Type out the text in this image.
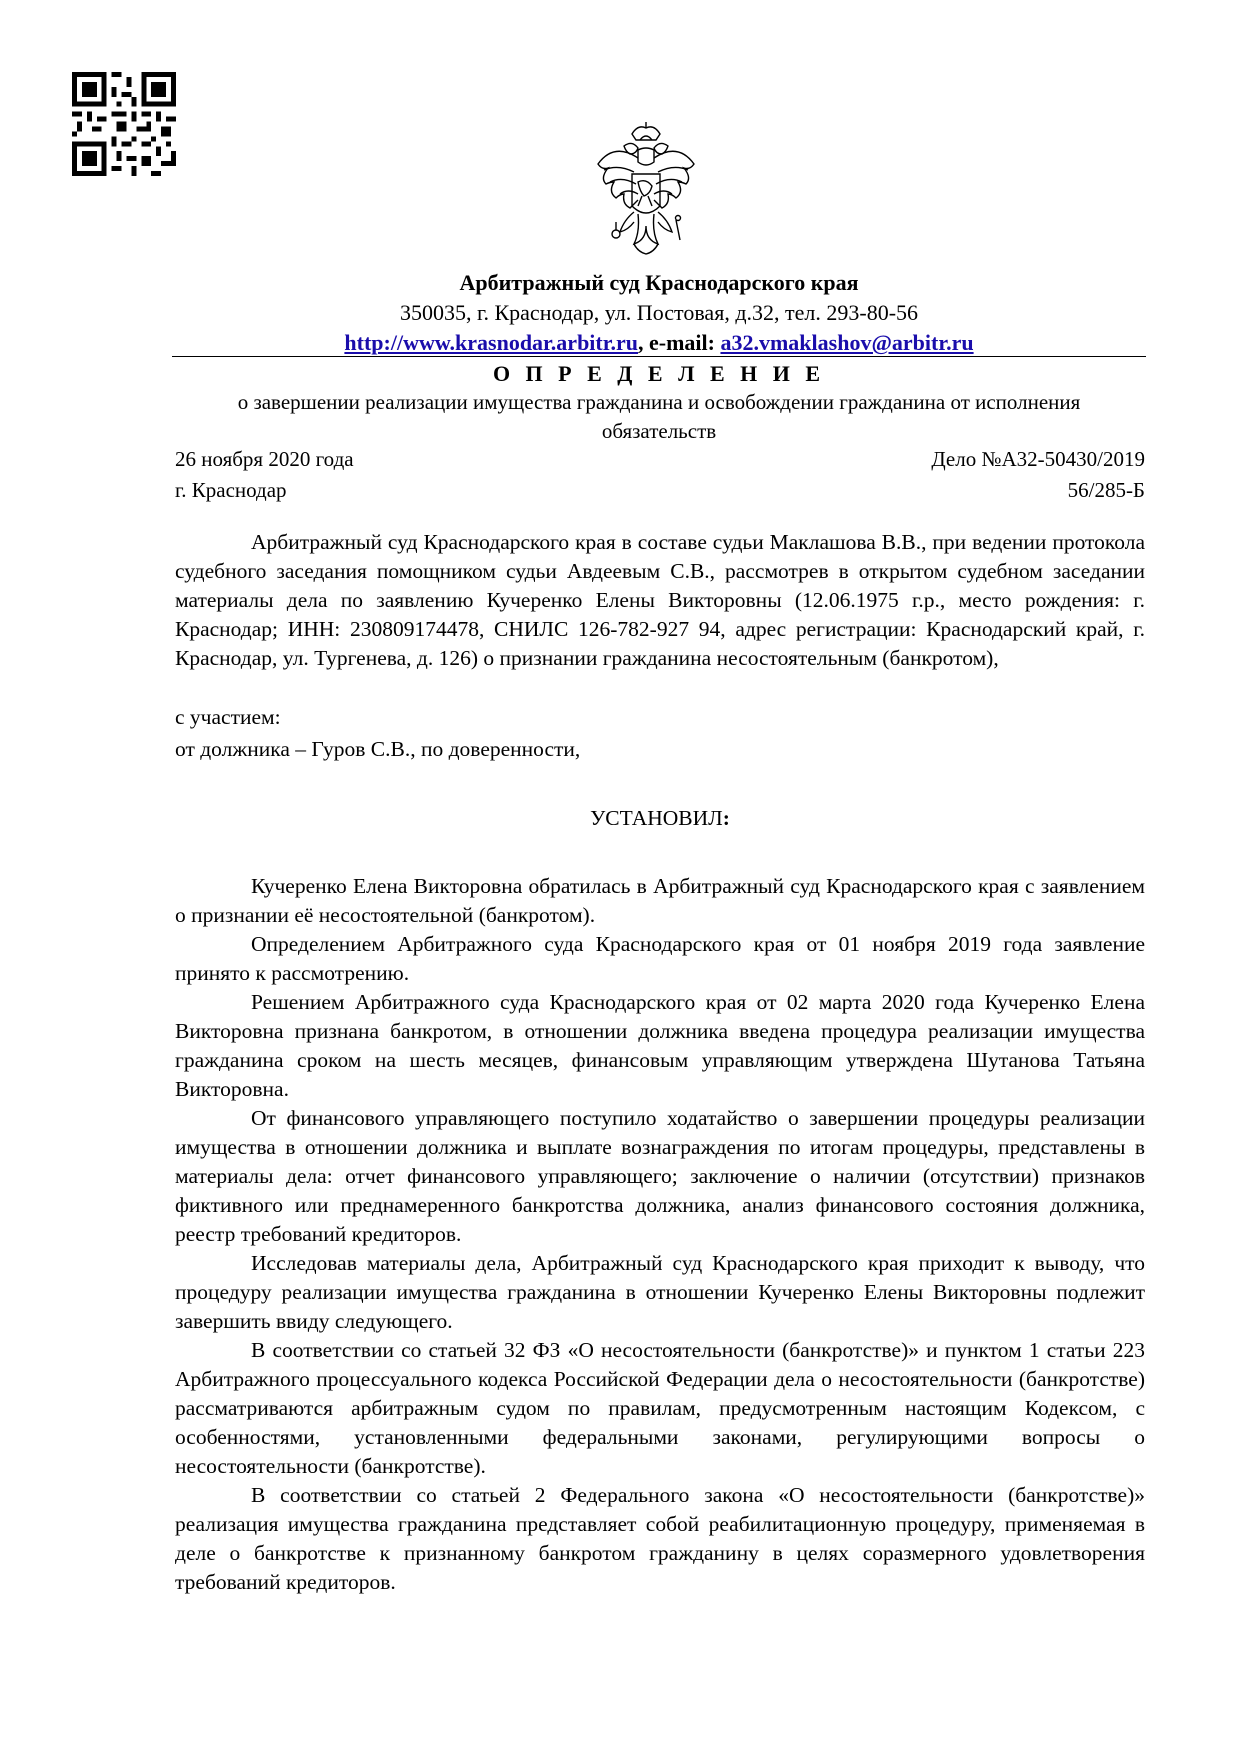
Арбитражный суд Краснодарского края
350035, г. Краснодар, ул. Постовая, д.32, тел. 293-80-56
http://www.krasnodar.arbitr.ru, e-mail: a32.vmaklashov@arbitr.ru
О П Р Е Д Е Л Е Н И Е
о завершении реализации имущества гражданина и освобождении гражданина от исполнения обязательств
26 ноября 2020 года	Дело №А32-50430/2019
г. Краснодар	56/285-Б

Арбитражный суд Краснодарского края в составе судьи Маклашова В.В., при ведении протокола судебного заседания помощником судьи Авдеевым С.В., рассмотрев в открытом судебном заседании материалы дела по заявлению Кучеренко Елены Викторовны (12.06.1975 г.р., место рождения: г. Краснодар; ИНН: 230809174478, СНИЛС 126-782-927 94, адрес регистрации: Краснодарский край, г. Краснодар, ул. Тургенева, д. 126) о признании гражданина несостоятельным (банкротом),

с участием:

от должника – Гуров С.В., по доверенности,

УСТАНОВИЛ:

Кучеренко Елена Викторовна обратилась в Арбитражный суд Краснодарского края с заявлением о признании её несостоятельной (банкротом).

Определением Арбитражного суда Краснодарского края от 01 ноября 2019 года заявление принято к рассмотрению.

Решением Арбитражного суда Краснодарского края от 02 марта 2020 года Кучеренко Елена Викторовна признана банкротом, в отношении должника введена процедура реализации имущества гражданина сроком на шесть месяцев, финансовым управляющим утверждена Шутанова Татьяна Викторовна.

От финансового управляющего поступило ходатайство о завершении процедуры реализации имущества в отношении должника и выплате вознаграждения по итогам процедуры, представлены в материалы дела: отчет финансового управляющего; заключение о наличии (отсутствии) признаков фиктивного или преднамеренного банкротства должника, анализ финансового состояния должника, реестр требований кредиторов.

Исследовав материалы дела, Арбитражный суд Краснодарского края приходит к выводу, что процедуру реализации имущества гражданина в отношении Кучеренко Елены Викторовны подлежит завершить ввиду следующего.

В соответствии со статьей 32 ФЗ «О несостоятельности (банкротстве)» и пунктом 1 статьи 223 Арбитражного процессуального кодекса Российской Федерации дела о несостоятельности (банкротстве) рассматриваются арбитражным судом по правилам, предусмотренным настоящим Кодексом, с особенностями, установленными федеральными законами, регулирующими вопросы о несостоятельности (банкротстве).

В соответствии со статьей 2 Федерального закона «О несостоятельности (банкротстве)» реализация имущества гражданина представляет собой реабилитационную процедуру, применяемая в деле о банкротстве к признанному банкротом гражданину в целях соразмерного удовлетворения требований кредиторов.
